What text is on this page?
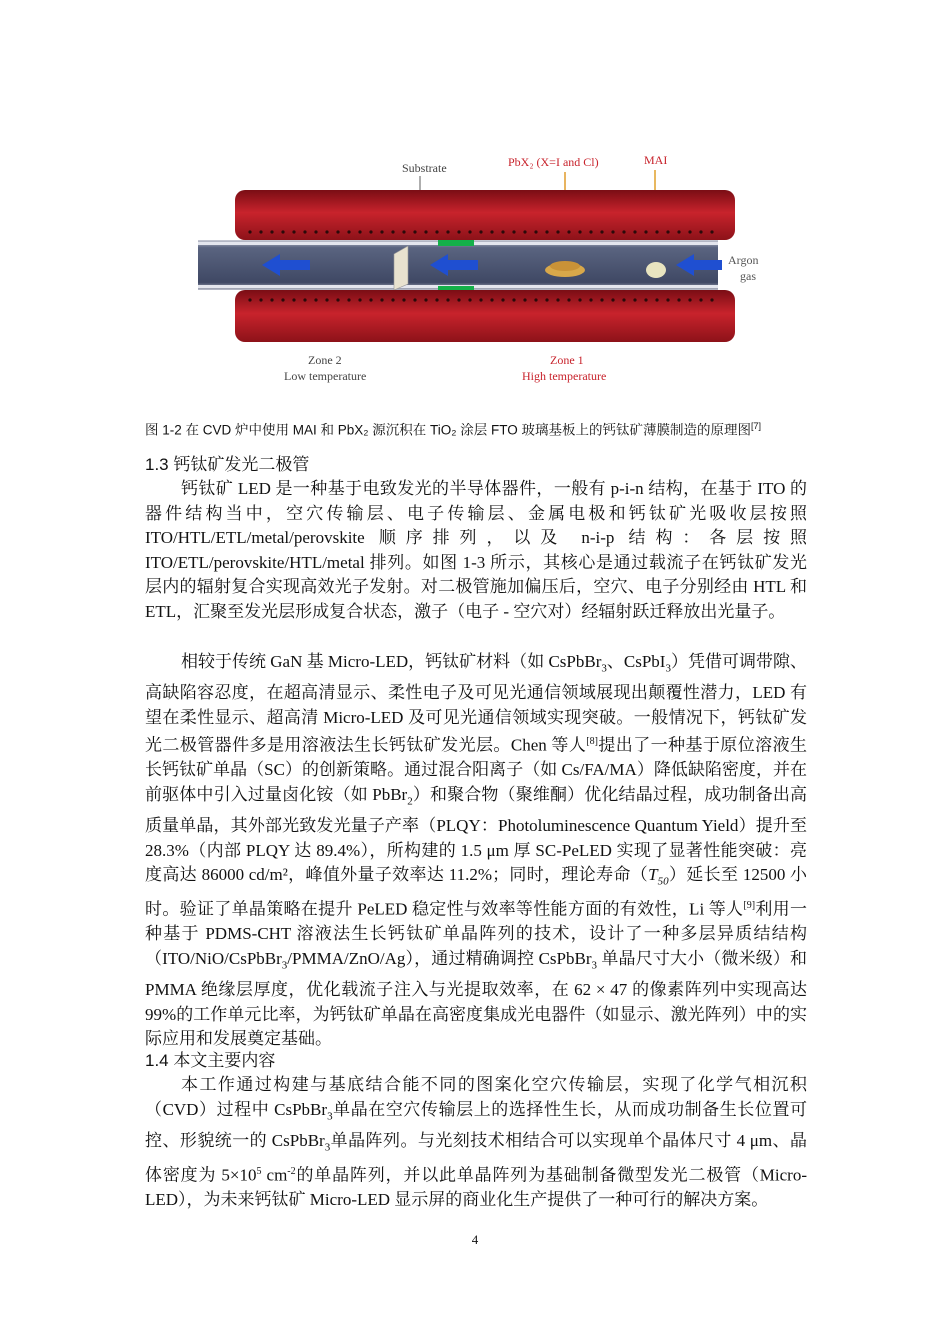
Substrate	PbX₂ (X=I and Cl)	MAI
Argon
gas
Zone 2
Low temperature
Zone 1
High temperature
图 1-2 在 CVD 炉中使用 MAI 和 PbX₂ 源沉积在 TiO₂ 涂层 FTO 玻璃基板上的钙钛矿薄膜制造的原理图[7]
1.3 钙钛矿发光二极管

钙钛矿 LED 是一种基于电致发光的半导体器件，一般有 p-i-n 结构，在基于 ITO 的器件结构当中，空穴传输层、电子传输层、金属电极和钙钛矿光吸收层按照 ITO/HTL/ETL/metal/perovskite 顺序排列，以及 n-i-p 结构：各层按照 ITO/ETL/perovskite/HTL/metal 排列。如图 1-3 所示，其核心是通过载流子在钙钛矿发光层内的辐射复合实现高效光子发射。对二极管施加偏压后，空穴、电子分别经由 HTL 和 ETL，汇聚至发光层形成复合状态，激子（电子 - 空穴对）经辐射跃迁释放出光量子。

相较于传统 GaN 基 Micro-LED，钙钛矿材料（如 CsPbBr$_3$、CsPbI$_3$）凭借可调带隙、高缺陷容忍度，在超高清显示、柔性电子及可见光通信领域展现出颠覆性潜力，LED 有望在柔性显示、超高清 Micro-LED 及可见光通信领域实现突破。一般情况下，钙钛矿发光二极管器件多是用溶液法生长钙钛矿发光层。Chen 等人[8]提出了一种基于原位溶液生长钙钛矿单晶（SC）的创新策略。通过混合阳离子（如 Cs/FA/MA）降低缺陷密度，并在前驱体中引入过量卤化铵（如 PbBr$_2$）和聚合物（聚维酮）优化结晶过程，成功制备出高质量单晶，其外部光致发光量子产率（PLQY：Photoluminescence Quantum Yield）提升至 28.3%（内部 PLQY 达 89.4%），所构建的 1.5 μm 厚 SC-PeLED 实现了显著性能突破：亮度高达 86000 cd/m²，峰值外量子效率达 11.2%；同时，理论寿命$(T_{50})$延长至 12500 小时。验证了单晶策略在提升 PeLED 稳定性与效率等性能方面的有效性，Li 等人[9]利用一种基于 PDMS-CHT 溶液法生长钙钛矿单晶阵列的技术，设计了一种多层异质结结构（ITO/NiO/CsPbBr$_3$/PMMA/ZnO/Ag），通过精确调控 CsPbBr$_3$ 单晶尺寸大小（微米级）和 PMMA 绝缘层厚度，优化载流子注入与光提取效率，在 62 × 47 的像素阵列中实现高达 99%的工作单元比率，为钙钛矿单晶在高密度集成光电器件（如显示、激光阵列）中的实际应用和发展奠定基础。

1.4 本文主要内容

本工作通过构建与基底结合能不同的图案化空穴传输层，实现了化学气相沉积（CVD）过程中 CsPbBr$_3$单晶在空穴传输层上的选择性生长，从而成功制备生长位置可控、形貌统一的 CsPbBr$_3$单晶阵列。与光刻技术相结合可以实现单个晶体尺寸 4 μm、晶体密度为 $5\times 10^5$ $cm^{-2}$的单晶阵列，并以此单晶阵列为基础制备微型发光二极管（Micro-LED），为未来钙钛矿 Micro-LED 显示屏的商业化生产提供了一种可行的解决方案。

4
